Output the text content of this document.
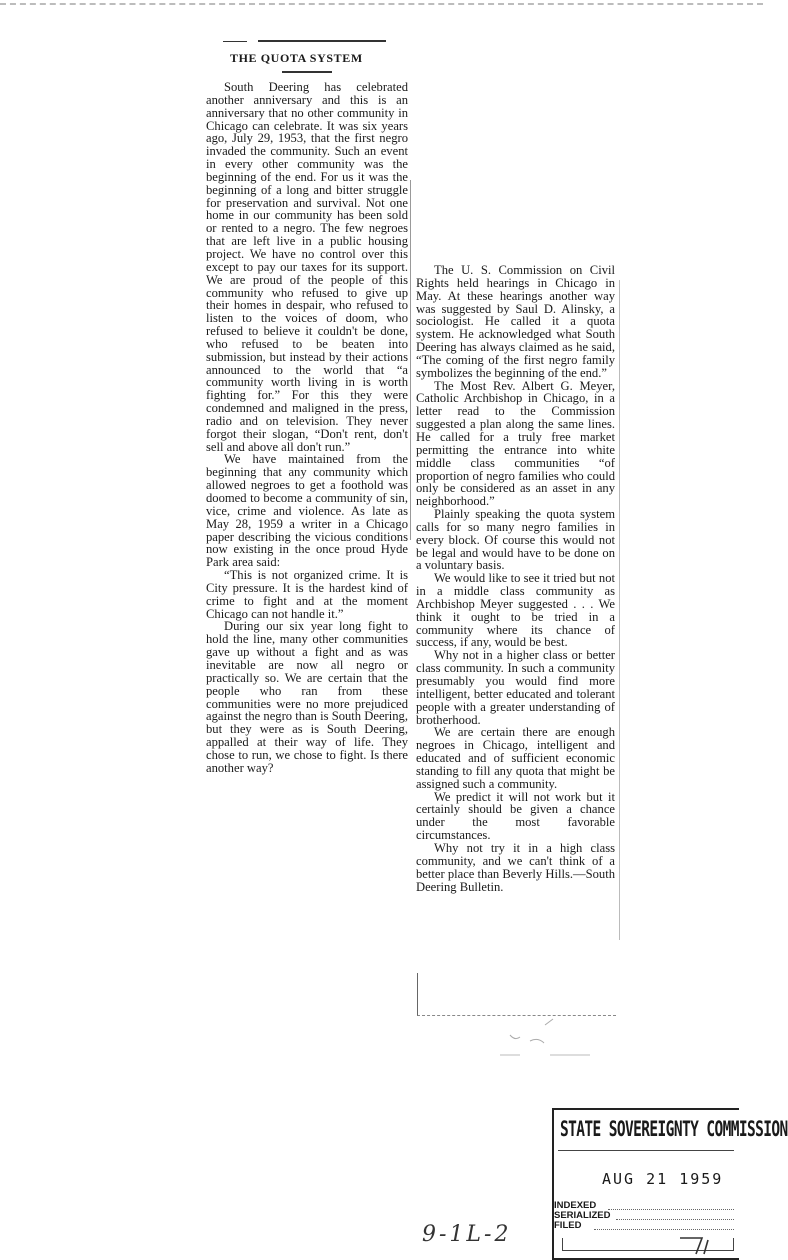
THE QUOTA SYSTEM

South Deering has celebrated another anniversary and this is an anniversary that no other community in Chicago can celebrate. It was six years ago, July 29, 1953, that the first negro invaded the community. Such an event in every other community was the beginning of the end. For us it was the beginning of a long and bitter struggle for preservation and survival. Not one home in our community has been sold or rented to a negro. The few negroes that are left live in a public housing project. We have no control over this except to pay our taxes for its support. We are proud of the people of this community who refused to give up their homes in despair, who refused to listen to the voices of doom, who refused to believe it couldn't be done, who refused to be beaten into submission, but instead by their actions announced to the world that “a community worth living in is worth fighting for.” For this they were condemned and maligned in the press, radio and on television. They never forgot their slogan, “Don't rent, don't sell and above all don't run.”

We have maintained from the beginning that any community which allowed negroes to get a foothold was doomed to become a community of sin, vice, crime and violence. As late as May 28, 1959 a writer in a Chicago paper describing the vicious conditions now existing in the once proud Hyde Park area said:

“This is not organized crime. It is City pressure. It is the hardest kind of crime to fight and at the moment Chicago can not handle it.”

During our six year long fight to hold the line, many other communities gave up without a fight and as was inevitable are now all negro or practically so. We are certain that the people who ran from these communities were no more prejudiced against the negro than is South Deering, but they were as is South Deering, appalled at their way of life. They chose to run, we chose to fight. Is there another way?

The U. S. Commission on Civil Rights held hearings in Chicago in May. At these hearings another way was suggested by Saul D. Alinsky, a sociologist. He called it a quota system. He acknowledged what South Deering has always claimed as he said, “The coming of the first negro family symbolizes the beginning of the end.”

The Most Rev. Albert G. Meyer, Catholic Archbishop in Chicago, in a letter read to the Commission suggested a plan along the same lines. He called for a truly free market permitting the entrance into white middle class communities “of proportion of negro families who could only be considered as an asset in any neighborhood.”

Plainly speaking the quota system calls for so many negro families in every block. Of course this would not be legal and would have to be done on a voluntary basis.

We would like to see it tried but not in a middle class community as Archbishop Meyer suggested . . . We think it ought to be tried in a community where its chance of success, if any, would be best.

Why not in a higher class or better class community. In such a community presumably you would find more intelligent, better educated and tolerant people with a greater understanding of brotherhood.

We are certain there are enough negroes in Chicago, intelligent and educated and of sufficient economic standing to fill any quota that might be assigned such a community.

We predict it will not work but it certainly should be given a chance under the most favorable circumstances.

Why not try it in a high class community, and we can't think of a better place than Beverly Hills.—South Deering Bulletin.

STATE SOVEREIGNTY COMMISSION
AUG 21 1959
INDEXED
SERIALIZED
FILED
9-1L-2
